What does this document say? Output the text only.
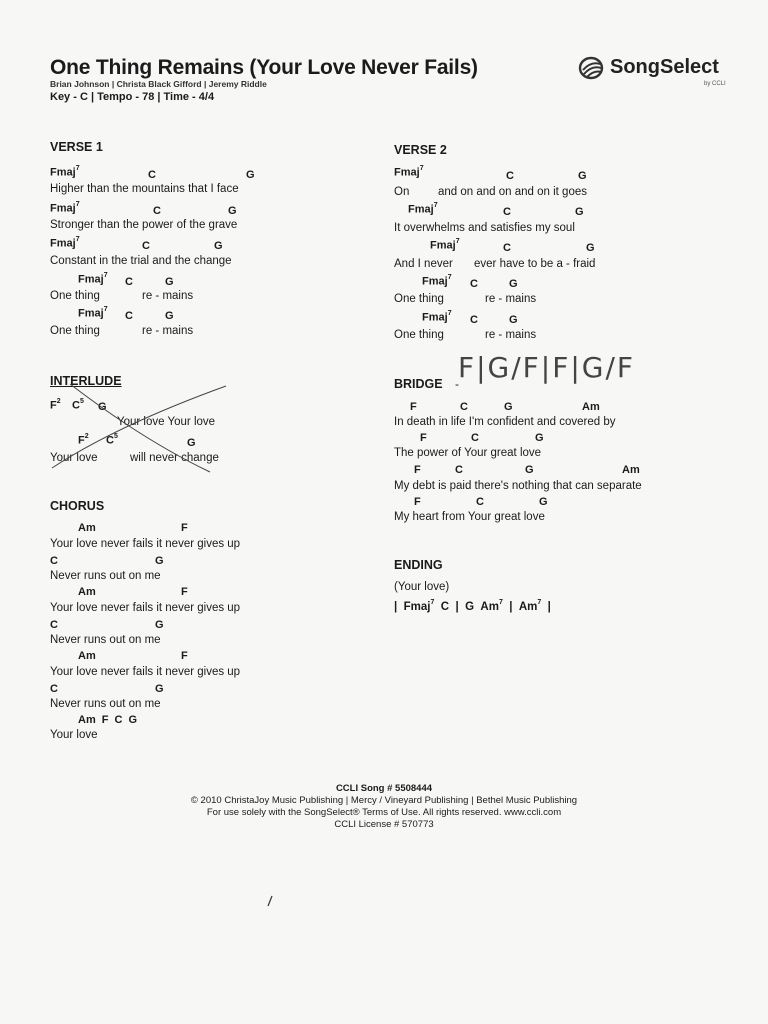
One Thing Remains (Your Love Never Fails)
Brian Johnson | Christa Black Gifford | Jeremy Riddle
Key - C | Tempo - 78 | Time - 4/4
SongSelect
by CCLI
VERSE 1
Fmaj$^7$
C	G
Higher than the mountains that I face
Fmaj$^7$
C	G
Stronger than the power of the grave
Fmaj$^7$
C	G
Constant in the trial and the change
Fmaj$^7$
C	G
One thing	re - mains
Fmaj$^7$
C	G
One thing	re - mains
INTERLUDE
$F^2$ $C^5$ G
Your love Your love
$F^2$ $C^5$
G
Your love	will never change
CHORUS
Am	F
Your love never fails it never gives up
C	G
Never runs out on me
Am	F
Your love never fails it never gives up
C	G
Never runs out on me
Am	F
Your love never fails it never gives up
C	G
Never runs out on me
Am F C G
Your love
VERSE 2
Fmaj$^7$
C	G
On and on and on and on it goes
Fmaj$^7$
C	G
It overwhelms and satisfies my soul
Fmaj$^7$
C	G
And I never ever have to be a - fraid
Fmaj$^7$
C	G
One thing	re - mains
Fmaj$^7$
C	G
One thing	re - mains
BRIDGE - F|G/F|F|G/F
F	C	G	Am
In death in life I'm confident and covered by
F	C	G
The power of Your great love
F	C	G	Am
My debt is paid there's nothing that can separate
F	C	G
My heart from Your great love
ENDING
(Your love)
| Fmaj$^7$ C | G Am$^7$ | Am$^7$ |
CCLI Song # 5508444
© 2010 ChristaJoy Music Publishing | Mercy / Vineyard Publishing | Bethel Music Publishing
For use solely with the SongSelect® Terms of Use. All rights reserved. www.ccli.com
CCLI License # 570773
